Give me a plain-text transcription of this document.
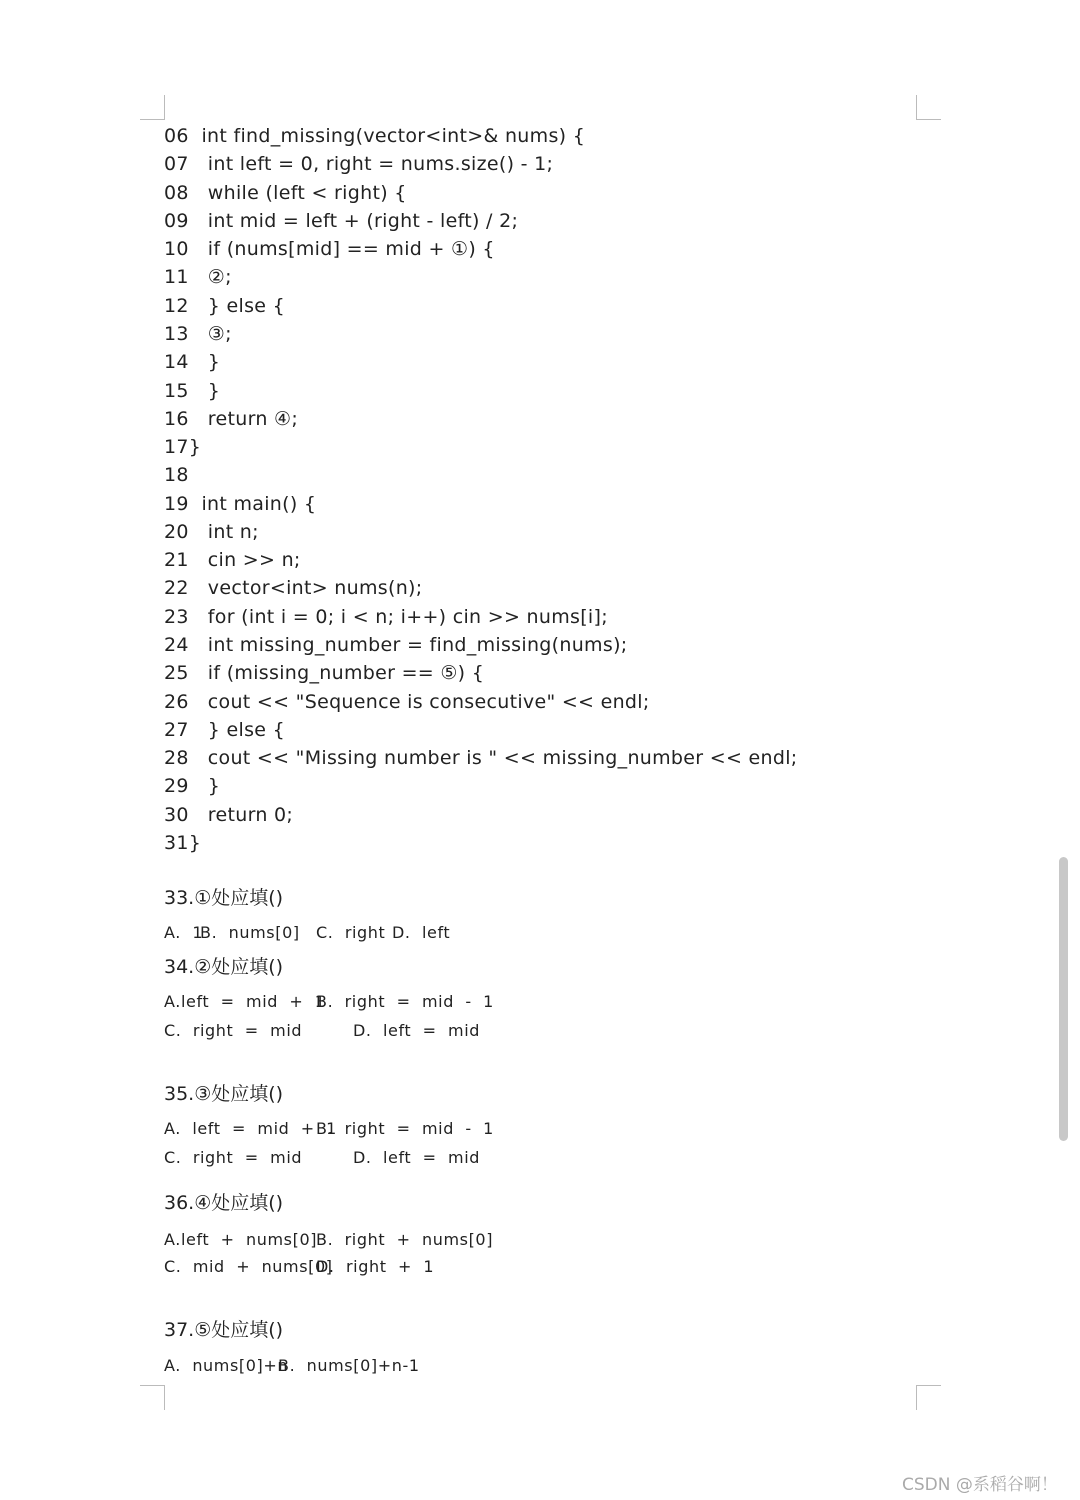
06  int find_missing(vector<int>& nums) {
07   int left = 0, right = nums.size() - 1;
08   while (left < right) {
09   int mid = left + (right - left) / 2;
10   if (nums[mid] == mid + ①) {
11   ②;
12   } else {
13   ③;
14   }
15   }
16   return ④;
17}
18
19  int main() {
20   int n;
21   cin >> n;
22   vector<int> nums(n);
23   for (int i = 0; i < n; i++) cin >> nums[i];
24   int missing_number = find_missing(nums);
25   if (missing_number == ⑤) {
26   cout << "Sequence is consecutive" << endl;
27   } else {
28   cout << "Missing number is " << missing_number << endl;
29   }
30   return 0;
31}
33.①处应填()
A.  1
B.  nums[0] C.  right D.  left
34.②处应填()
A.left  =  mid  +  1
B.  right  =  mid  -  1
C.  right  =  mid	D.  left  =  mid
35.③处应填()
A.  left  =  mid  +  1
B.  right  =  mid  -  1
C.  right  =  mid	D.  left  =  mid
36.④处应填()
A.left  +  nums[0]
B.  right  +  nums[0]
C.  mid  +  nums[0]
D.  right  +  1
37.⑤处应填()
A.  nums[0]+n
B.  nums[0]+n-1
CSDN @系稻谷啊！
